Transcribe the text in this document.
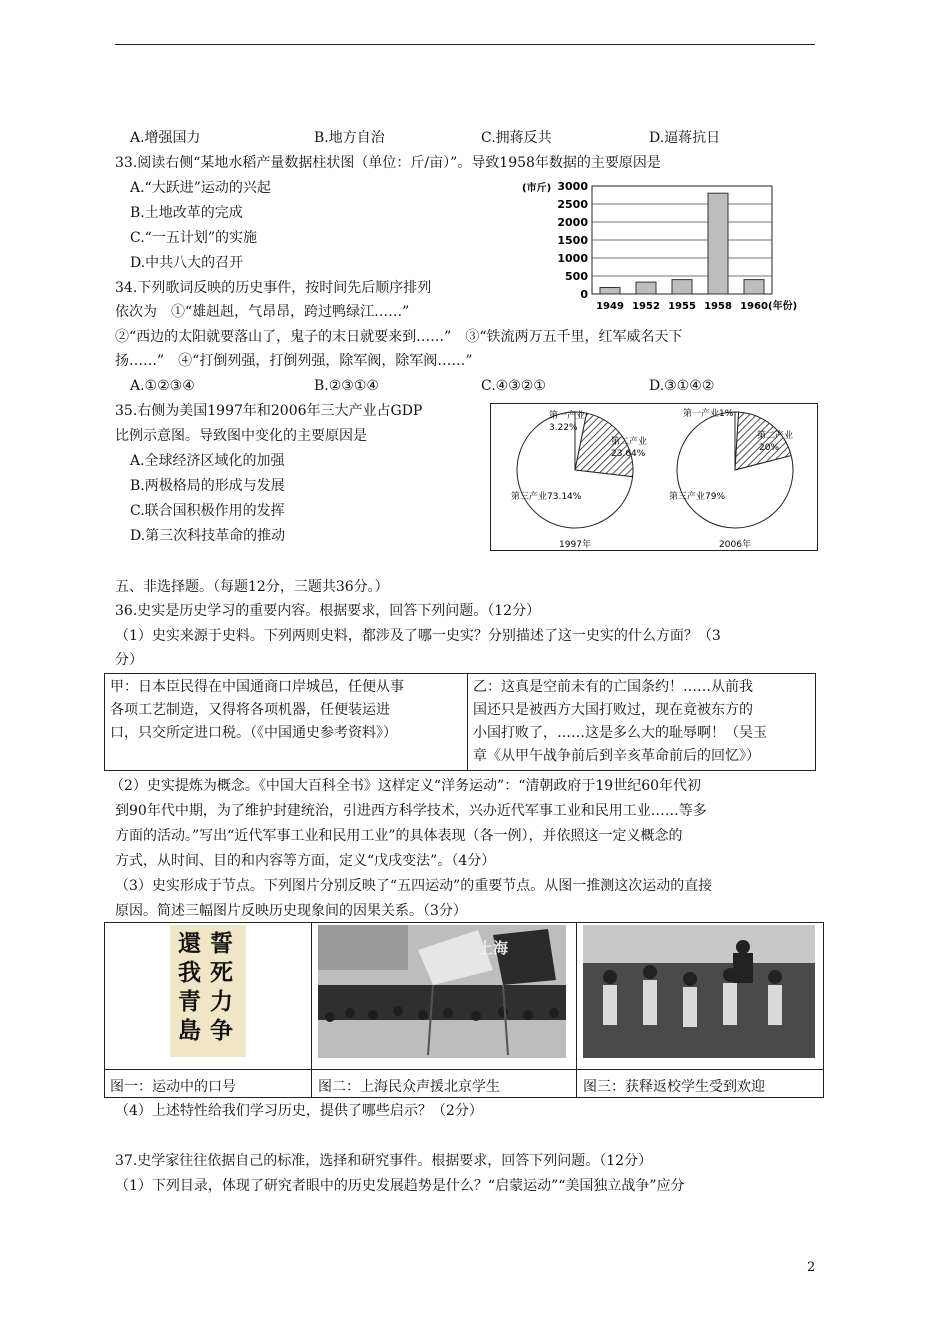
A.增强国力	B.地方自治	C.拥蒋反共	D.逼蒋抗日
33.阅读右侧“某地水稻产量数据柱状图（单位：斤/亩）”。导致1958年数据的主要原因是
A.“大跃进”运动的兴起
B.土地改革的完成
C.“一五计划”的实施
D.中共八大的召开
(市斤)
(年份)
0
500
1000
1500
2000
2500
3000
1949 1952 1955 1958 1960
34.下列歌词反映的历史事件，按时间先后顺序排列
依次为　①“雄赳赳，气昂昂，跨过鸭绿江……”
②“西边的太阳就要落山了，鬼子的末日就要来到……”　③“铁流两万五千里，红军威名天下
扬……”　④“打倒列强，打倒列强，除军阀，除军阀……”
A.①②③④	B.②③①④	C.④③②①	D.③①④②
35.右侧为美国1997年和2006年三大产业占GDP
比例示意图。导致图中变化的主要原因是
A.全球经济区域化的加强
B.两极格局的形成与发展
C.联合国积极作用的发挥
D.第三次科技革命的推动
1997年	2006年
第一产业
3.22%
第二产业
23.64%
第三产业73.14%
第一产业1%
第二产业
20%
第三产业79%
五、非选择题。（每题12分，三题共36分。）
36.史实是历史学习的重要内容。根据要求，回答下列问题。（12分）
（1）史实来源于史料。下列两则史料，都涉及了哪一史实？分别描述了这一史实的什么方面？（3
分）
甲：日本臣民得在中国通商口岸城邑，任便从事
各项工艺制造，又得将各项机器，任便装运进
口，只交所定进口税。（《中国通史参考资料》）

乙：这真是空前未有的亡国条约！……从前我
国还只是被西方大国打败过，现在竟被东方的
小国打败了，……这是多么大的耻辱啊！（吴玉
章《从甲午战争前后到辛亥革命前后的回忆》）
（2）史实提炼为概念。《中国大百科全书》这样定义“洋务运动”：“清朝政府于19世纪60年代初
到90年代中期，为了维护封建统治，引进西方科学技术，兴办近代军事工业和民用工业……等多
方面的活动。”写出“近代军事工业和民用工业”的具体表现（各一例），并依照这一定义概念的
方式，从时间、目的和内容等方面，定义“戊戌变法”。（4分）
（3）史实形成于节点。下列图片分别反映了“五四运动”的重要节点。从图一推测这次运动的直接
原因。简述三幅图片反映历史现象间的因果关系。（3分）
誓
死
力
争
還
我
青
島
上海
图一：运动中的口号	图二：上海民众声援北京学生	图三：获释返校学生受到欢迎
（4）上述特性给我们学习历史，提供了哪些启示？（2分）
37.史学家往往依据自己的标准，选择和研究事件。根据要求，回答下列问题。（12分）
（1）下列目录，体现了研究者眼中的历史发展趋势是什么？“启蒙运动”“美国独立战争”应分
2
